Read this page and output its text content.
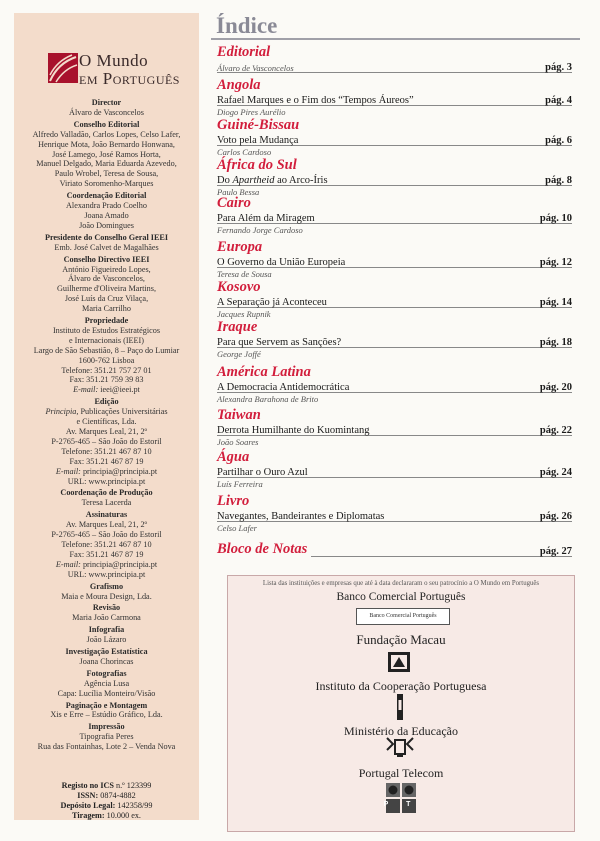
O Mundo
em Português
Director
Álvaro de Vasconcelos
Conselho Editorial
Alfredo Valladão, Carlos Lopes, Celso Lafer,
Henrique Mota, João Bernardo Honwana,
José Lamego, José Ramos Horta,
Manuel Delgado, Maria Eduarda Azevedo,
Paulo Wrobel, Teresa de Sousa,
Viriato Soromenho-Marques
Coordenação Editorial
Alexandra Prado Coelho
Joana Amado
João Domingues
Presidente do Conselho Geral IEEI
Emb. José Calvet de Magalhães
Conselho Directivo IEEI
António Figueiredo Lopes,
Álvaro de Vasconcelos,
Guilherme d'Oliveira Martins,
José Luís da Cruz Vilaça,
Maria Carrilho
Propriedade
Instituto de Estudos Estratégicos
e Internacionais (IEEI)
Largo de São Sebastião, 8 – Paço do Lumiar
1600-762 Lisboa
Telefone: 351.21 757 27 01
Fax: 351.21 759 39 83
E-mail: ieei@ieei.pt
Edição
Principia, Publicações Universitárias
e Científicas, Lda.
Av. Marques Leal, 21, 2º
P-2765-465 – São João do Estoril
Telefone: 351.21 467 87 10
Fax: 351.21 467 87 19
E-mail: principia@principia.pt
URL: www.principia.pt
Coordenação de Produção
Teresa Lacerda
Assinaturas
Av. Marques Leal, 21, 2º
P-2765-465 – São João do Estoril
Telefone: 351.21 467 87 10
Fax: 351.21 467 87 19
E-mail: principia@principia.pt
URL: www.principia.pt
Grafismo
Maia e Moura Design, Lda.
Revisão
Maria João Carmona
Infografia
João Lázaro
Investigação Estatística
Joana Chorincas
Fotografias
Agência Lusa
Capa: Lucília Monteiro/Visão
Paginação e Montagem
Xis e Erre – Estúdio Gráfico, Lda.
Impressão
Tipografia Peres
Rua das Fontainhas, Lote 2 – Venda Nova
Registo no ICS n.º 123399
ISSN: 0874-4882
Depósito Legal: 142358/99
Tiragem: 10.000 ex.
Índice
Editorial
Álvaro de Vasconcelos	pág. 3
Angola
Rafael Marques e o Fim dos “Tempos Áureos”	pág. 4
Diogo Pires Aurélio
Guiné-Bissau
Voto pela Mudança	pág. 6
Carlos Cardoso
África do Sul
Do Apartheid ao Arco-Íris	pág. 8
Paulo Bessa
Cairo
Para Além da Miragem	pág. 10
Fernando Jorge Cardoso
Europa
O Governo da União Europeia	pág. 12
Teresa de Sousa
Kosovo
A Separação já Aconteceu	pág. 14
Jacques Rupnik
Iraque
Para que Servem as Sanções?	pág. 18
George Joffé
América Latina
A Democracia Antidemocrática	pág. 20
Alexandra Barahona de Brito
Taiwan
Derrota Humilhante do Kuomintang	pág. 22
João Soares
Água
Partilhar o Ouro Azul	pág. 24
Luís Ferreira
Livro
Navegantes, Bandeirantes e Diplomatas	pág. 26
Celso Lafer
Bloco de Notas	pág. 27
Lista das instituições e empresas que até à data declararam o seu patrocínio a O Mundo em Português
Banco Comercial Português
Banco Comercial Português
Fundação Macau
Instituto da Cooperação Portuguesa
Ministério da Educação
Portugal Telecom
P T
